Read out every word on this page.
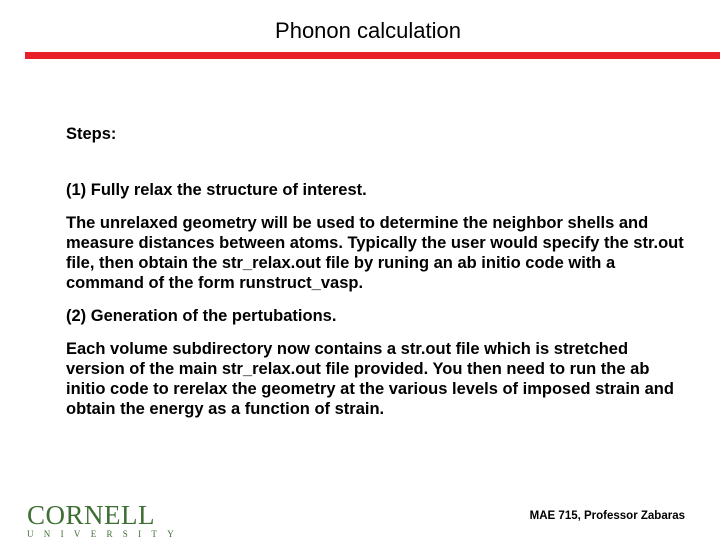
Phonon calculation

Steps:

(1) Fully relax the structure of interest.

The unrelaxed geometry will be used to determine the neighbor shells and measure distances between atoms. Typically the user would specify the str.out file, then obtain the str_relax.out file by runing an ab initio code with a command of the form runstruct_vasp.

(2) Generation of the pertubations.

Each volume subdirectory now contains a str.out file which is stretched version of the main str_relax.out file provided. You then need to run the ab initio code to rerelax the geometry at the various levels of imposed strain and obtain the energy as a function of strain.

CORNELL
UNIVERSITY
MAE 715, Professor Zabaras
